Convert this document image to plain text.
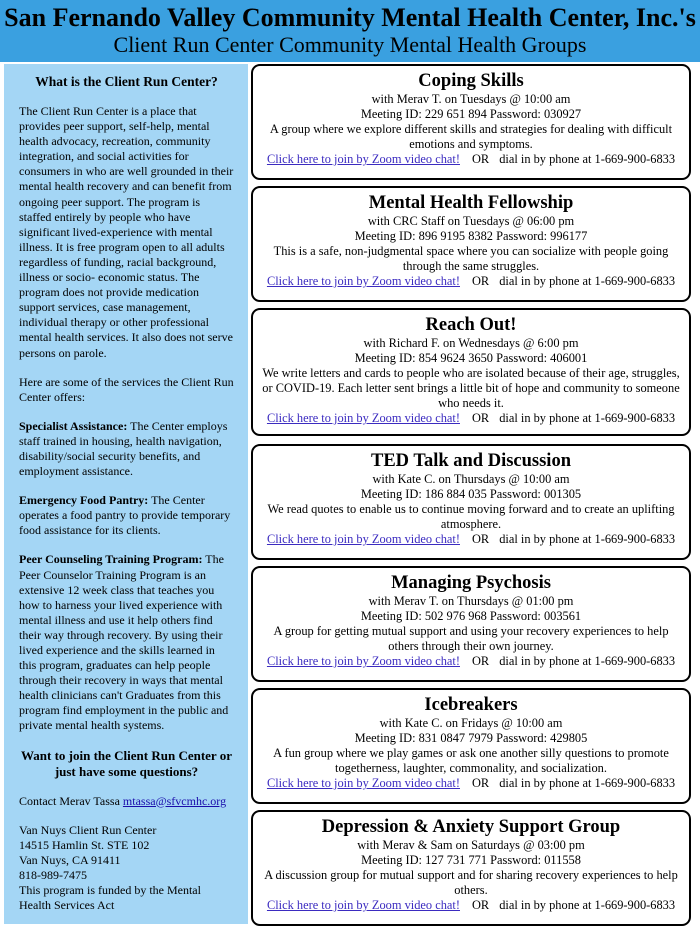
San Fernando Valley Community Mental Health Center, Inc.'s
Client Run Center Community Mental Health Groups

What is the Client Run Center?

The Client Run Center is a place that provides peer support, self-help, mental health advocacy, recreation, community integration, and social activities for consumers in who are well grounded in their mental health recovery and can benefit from ongoing peer support. The program is staffed entirely by people who have significant lived-experience with mental illness. It is free program open to all adults regardless of funding, racial background, illness or socio- economic status. The program does not provide medication support services, case management, individual therapy or other professional mental health services. It also does not serve persons on parole.

Here are some of the services the Client Run Center offers:

Specialist Assistance: The Center employs staff trained in housing, health navigation, disability/social security benefits, and employment assistance.

Emergency Food Pantry: The Center operates a food pantry to provide temporary food assistance for its clients.

Peer Counseling Training Program: The Peer Counselor Training Program is an extensive 12 week class that teaches you how to harness your lived experience with mental illness and use it help others find their way through recovery. By using their lived experience and the skills learned in this program, graduates can help people through their recovery in ways that mental health clinicians can't Graduates from this program find employment in the public and private mental health systems.

Want to join the Client Run Center or just have some questions?

Contact Merav Tassa mtassa@sfvcmhc.org

Van Nuys Client Run Center

14515 Hamlin St. STE 102

Van Nuys, CA 91411

818-989-7475

This program is funded by the Mental Health Services Act

Coping Skills
with Merav T. on Tuesdays @ 10:00 am
Meeting ID: 229 651 894 Password: 030927
A group where we explore different skills and strategies for dealing with difficult emotions and symptoms.
Click here to join by Zoom video chat! OR dial in by phone at 1-669-900-6833
Mental Health Fellowship
with CRC Staff on Tuesdays @ 06:00 pm
Meeting ID: 896 9195 8382 Password: 996177
This is a safe, non-judgmental space where you can socialize with people going through the same struggles.
Click here to join by Zoom video chat! OR dial in by phone at 1-669-900-6833
Reach Out!
with Richard F. on Wednesdays @ 6:00 pm
Meeting ID: 854 9624 3650 Password: 406001
We write letters and cards to people who are isolated because of their age, struggles, or COVID-19. Each letter sent brings a little bit of hope and community to someone who needs it.
Click here to join by Zoom video chat! OR dial in by phone at 1-669-900-6833
TED Talk and Discussion
with Kate C. on Thursdays @ 10:00 am
Meeting ID: 186 884 035 Password: 001305
We read quotes to enable us to continue moving forward and to create an uplifting atmosphere.
Click here to join by Zoom video chat! OR dial in by phone at 1-669-900-6833
Managing Psychosis
with Merav T. on Thursdays @ 01:00 pm
Meeting ID: 502 976 968 Password: 003561
A group for getting mutual support and using your recovery experiences to help others through their own journey.
Click here to join by Zoom video chat! OR dial in by phone at 1-669-900-6833
Icebreakers
with Kate C. on Fridays @ 10:00 am
Meeting ID: 831 0847 7979 Password: 429805
A fun group where we play games or ask one another silly questions to promote togetherness, laughter, commonality, and socialization.
Click here to join by Zoom video chat! OR dial in by phone at 1-669-900-6833
Depression & Anxiety Support Group
with Merav & Sam on Saturdays @ 03:00 pm
Meeting ID: 127 731 771 Password: 011558
A discussion group for mutual support and for sharing recovery experiences to help others.
Click here to join by Zoom video chat! OR dial in by phone at 1-669-900-6833
